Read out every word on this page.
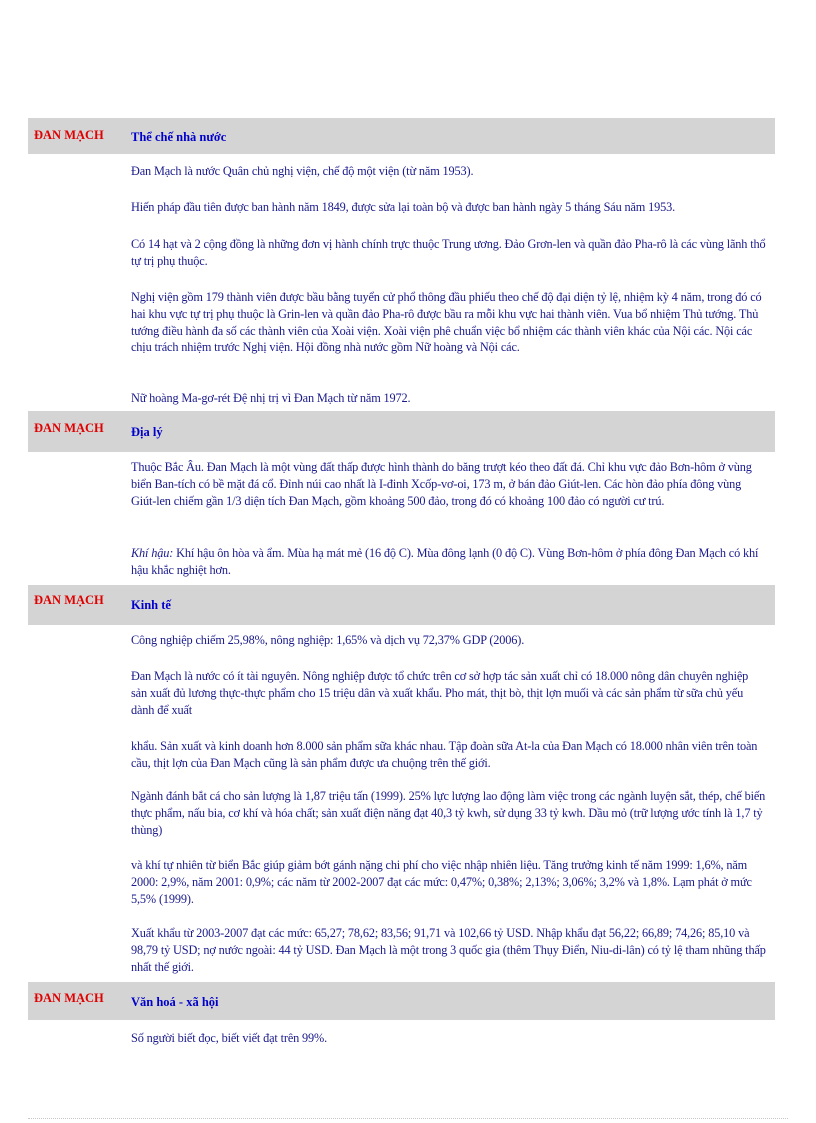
ĐAN MẠCH Thể chế nhà nước
Đan Mạch là nước Quân chủ nghị viện, chế độ một viện (từ năm 1953).
Hiến pháp đầu tiên được ban hành năm 1849, được sửa lại toàn bộ và được ban hành ngày 5 tháng Sáu năm 1953.
Có 14 hạt và 2 cộng đồng là những đơn vị hành chính trực thuộc Trung ương. Đảo Grơn-len và quần đảo Pha-rô là các vùng lãnh thổ tự trị phụ thuộc.
Nghị viện gồm 179 thành viên được bầu bằng tuyển cử phổ thông đầu phiếu theo chế độ đại diện tỷ lệ, nhiệm kỳ 4 năm, trong đó có hai khu vực tự trị phụ thuộc là Grin-len và quần đảo Pha-rô được bầu ra mỗi khu vực hai thành viên. Vua bổ nhiệm Thủ tướng. Thủ tướng điều hành đa số các thành viên của Xoài viện. Xoài viện phê chuẩn việc bổ nhiệm các thành viên khác của Nội các. Nội các chịu trách nhiệm trước Nghị viện. Hội đồng nhà nước gồm Nữ hoàng và Nội các.
Nữ hoàng Ma-gơ-rét Đệ nhị trị vì Đan Mạch từ năm 1972.
ĐAN MẠCH Địa lý
Thuộc Bắc Âu. Đan Mạch là một vùng đất thấp được hình thành do băng trượt kéo theo đất đá. Chỉ khu vực đảo Bơn-hôm ở vùng biển Ban-tích có bề mặt đá cổ. Đỉnh núi cao nhất là I-đinh Xcốp-vơ-oi, 173 m, ở bán đảo Giút-len. Các hòn đảo phía đông vùng Giút-len chiếm gần 1/3 diện tích Đan Mạch, gồm khoảng 500 đảo, trong đó có khoảng 100 đảo có người cư trú.
Khí hậu: Khí hậu ôn hòa và ẩm. Mùa hạ mát mẻ (16 độ C). Mùa đông lạnh (0 độ C). Vùng Bơn-hôm ở phía đông Đan Mạch có khí hậu khắc nghiệt hơn.
ĐAN MẠCH Kinh tế
Công nghiệp chiếm 25,98%, nông nghiệp: 1,65% và dịch vụ 72,37% GDP (2006).
Đan Mạch là nước có ít tài nguyên. Nông nghiệp được tổ chức trên cơ sở hợp tác sản xuất chỉ có 18.000 nông dân chuyên nghiệp sản xuất đủ lương thực-thực phẩm cho 15 triệu dân và xuất khẩu. Pho mát, thịt bò, thịt lợn muối và các sản phẩm từ sữa chủ yếu dành để xuất
khẩu. Sản xuất và kinh doanh hơn 8.000 sản phẩm sữa khác nhau. Tập đoàn sữa At-la của Đan Mạch có 18.000 nhân viên trên toàn cầu, thịt lợn của Đan Mạch cũng là sản phẩm được ưa chuộng trên thế giới.
Ngành đánh bắt cá cho sản lượng là 1,87 triệu tấn (1999). 25% lực lượng lao động làm việc trong các ngành luyện sắt, thép, chế biến thực phẩm, nấu bia, cơ khí và hóa chất; sản xuất điện năng đạt 40,3 tỷ kwh, sử dụng 33 tỷ kwh. Dầu mỏ (trữ lượng ước tính là 1,7 tỷ thùng)
và khí tự nhiên từ biển Bắc giúp giảm bớt gánh nặng chi phí cho việc nhập nhiên liệu. Tăng trưởng kinh tế năm 1999: 1,6%, năm 2000: 2,9%, năm 2001: 0,9%; các năm từ 2002-2007 đạt các mức: 0,47%; 0,38%; 2,13%; 3,06%; 3,2% và 1,8%. Lạm phát ở mức 5,5% (1999).
Xuất khẩu từ 2003-2007 đạt các mức: 65,27; 78,62; 83,56; 91,71 và 102,66 tỷ USD. Nhập khẩu đạt 56,22; 66,89; 74,26; 85,10 và 98,79 tỷ USD; nợ nước ngoài: 44 tỷ USD. Đan Mạch là một trong 3 quốc gia (thêm Thụy Điển, Niu-di-lân) có tỷ lệ tham nhũng thấp nhất thế giới.
ĐAN MẠCH Văn hoá - xã hội
Số người biết đọc, biết viết đạt trên 99%.
